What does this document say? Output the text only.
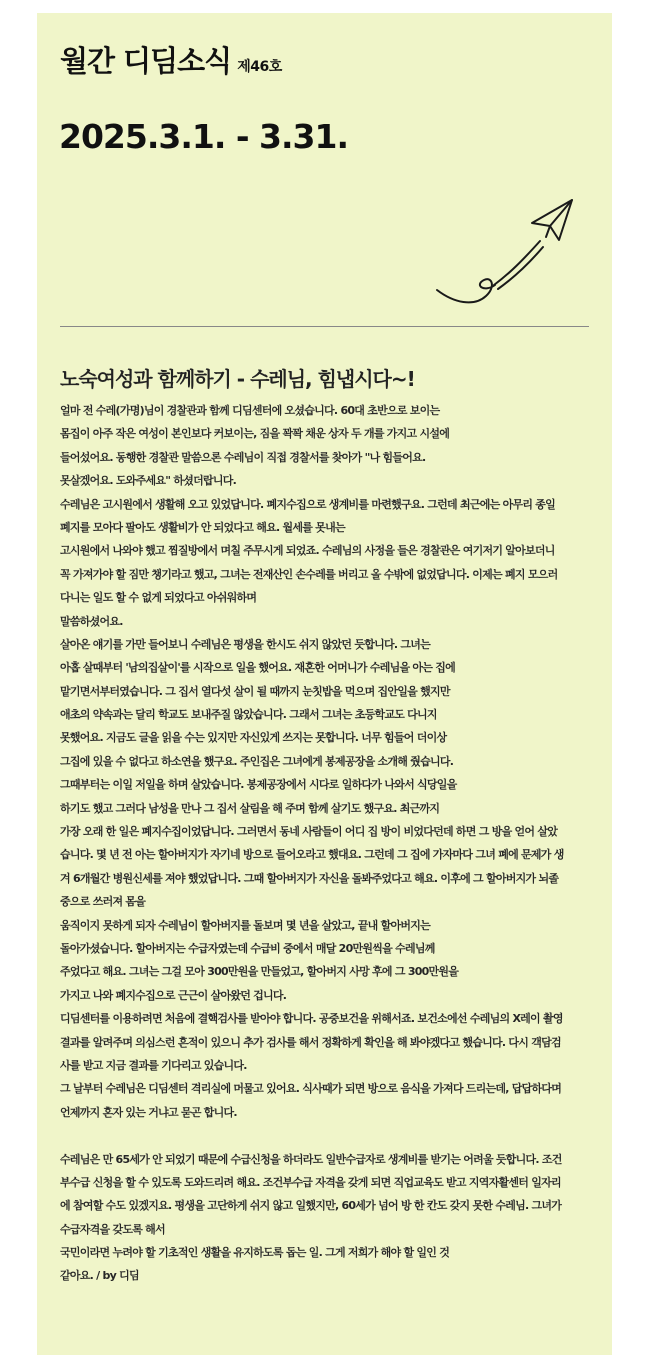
월간 디딤소식 제46호
2025.3.1. - 3.31.
노숙여성과 함께하기 - 수레님, 힘냅시다~!
얼마 전 수레(가명)님이 경찰관과 함께 디딤센터에 오셨습니다. 60대 초반으로 보이는
몸집이 아주 작은 여성이 본인보다 커보이는, 짐을 꽉꽉 채운 상자 두 개를 가지고 시설에
들어섰어요. 동행한 경찰관 말씀으론 수레님이 직접 경찰서를 찾아가 "나 힘들어요.
못살겠어요. 도와주세요" 하셨더랍니다.
수레님은 고시원에서 생활해 오고 있었답니다. 폐지수집으로 생계비를 마련했구요. 그런데 최근에는 아무리 종일
폐지를 모아다 팔아도 생활비가 안 되었다고 해요. 월세를 못내는
고시원에서 나와야 했고 찜질방에서 며칠 주무시게 되었죠. 수레님의 사정을 들은 경찰관은 여기저기 알아보더니
꼭 가져가야 할 짐만 챙기라고 했고, 그녀는 전재산인 손수레를 버리고 올 수밖에 없었답니다. 이제는 폐지 모으러
다니는 일도 할 수 없게 되었다고 아쉬워하며
말씀하셨어요.
살아온 얘기를 가만 들어보니 수레님은 평생을 한시도 쉬지 않았던 듯합니다. 그녀는
아홉 살때부터 '남의집살이'를 시작으로 일을 했어요. 재혼한 어머니가 수레님을 아는 집에
맡기면서부터였습니다. 그 집서 열다섯 살이 될 때까지 눈칫밥을 먹으며 집안일을 했지만
애초의 약속과는 달리 학교도 보내주질 않았습니다. 그래서 그녀는 초등학교도 다니지
못했어요. 지금도 글을 읽을 수는 있지만 자신있게 쓰지는 못합니다. 너무 힘들어 더이상
그집에 있을 수 없다고 하소연을 했구요. 주인집은 그녀에게 봉제공장을 소개해 줬습니다.
그때부터는 이일 저일을 하며 살았습니다. 봉제공장에서 시다로 일하다가 나와서 식당일을
하기도 했고 그러다 남성을 만나 그 집서 살림을 해 주며 함께 살기도 했구요. 최근까지
가장 오래 한 일은 폐지수집이었답니다. 그러면서 동네 사람들이 어디 집 방이 비었다던데 하면 그 방을 얻어 살았
습니다. 몇 년 전 아는 할아버지가 자기네 방으로 들어오라고 했대요. 그런데 그 집에 가자마다 그녀 폐에 문제가 생
겨 6개월간 병원신세를 져야 했었답니다. 그때 할아버지가 자신을 돌봐주었다고 해요. 이후에 그 할아버지가 뇌졸
중으로 쓰러져 몸을
움직이지 못하게 되자 수레님이 할아버지를 돌보며 몇 년을 살았고, 끝내 할아버지는
돌아가셨습니다. 할아버지는 수급자였는데 수급비 중에서 매달 20만원씩을 수레님께
주었다고 해요. 그녀는 그걸 모아 300만원을 만들었고, 할아버지 사망 후에 그 300만원을
가지고 나와 폐지수집으로 근근이 살아왔던 겁니다.
디딤센터를 이용하려면 처음에 결핵검사를 받아야 합니다. 공중보건을 위해서죠. 보건소에선 수레님의 X레이 촬영
결과를 알려주며 의심스런 흔적이 있으니 추가 검사를 해서 정확하게 확인을 해 봐야겠다고 했습니다. 다시 객담검
사를 받고 지금 결과를 기다리고 있습니다.
그 날부터 수레님은 디딤센터 격리실에 머물고 있어요. 식사때가 되면 방으로 음식을 가져다 드리는데, 답답하다며
언제까지 혼자 있는 거냐고 묻곤 합니다.
수레님은 만 65세가 안 되었기 때문에 수급신청을 하더라도 일반수급자로 생계비를 받기는 어려울 듯합니다. 조건
부수급 신청을 할 수 있도록 도와드리려 해요. 조건부수급 자격을 갖게 되면 직업교육도 받고 지역자활센터 일자리
에 참여할 수도 있겠지요. 평생을 고단하게 쉬지 않고 일했지만, 60세가 넘어 방 한 칸도 갖지 못한 수레님. 그녀가
수급자격을 갖도록 해서
국민이라면 누려야 할 기초적인 생활을 유지하도록 돕는 일. 그게 저희가 해야 할 일인 것
같아요. / by 디딤
